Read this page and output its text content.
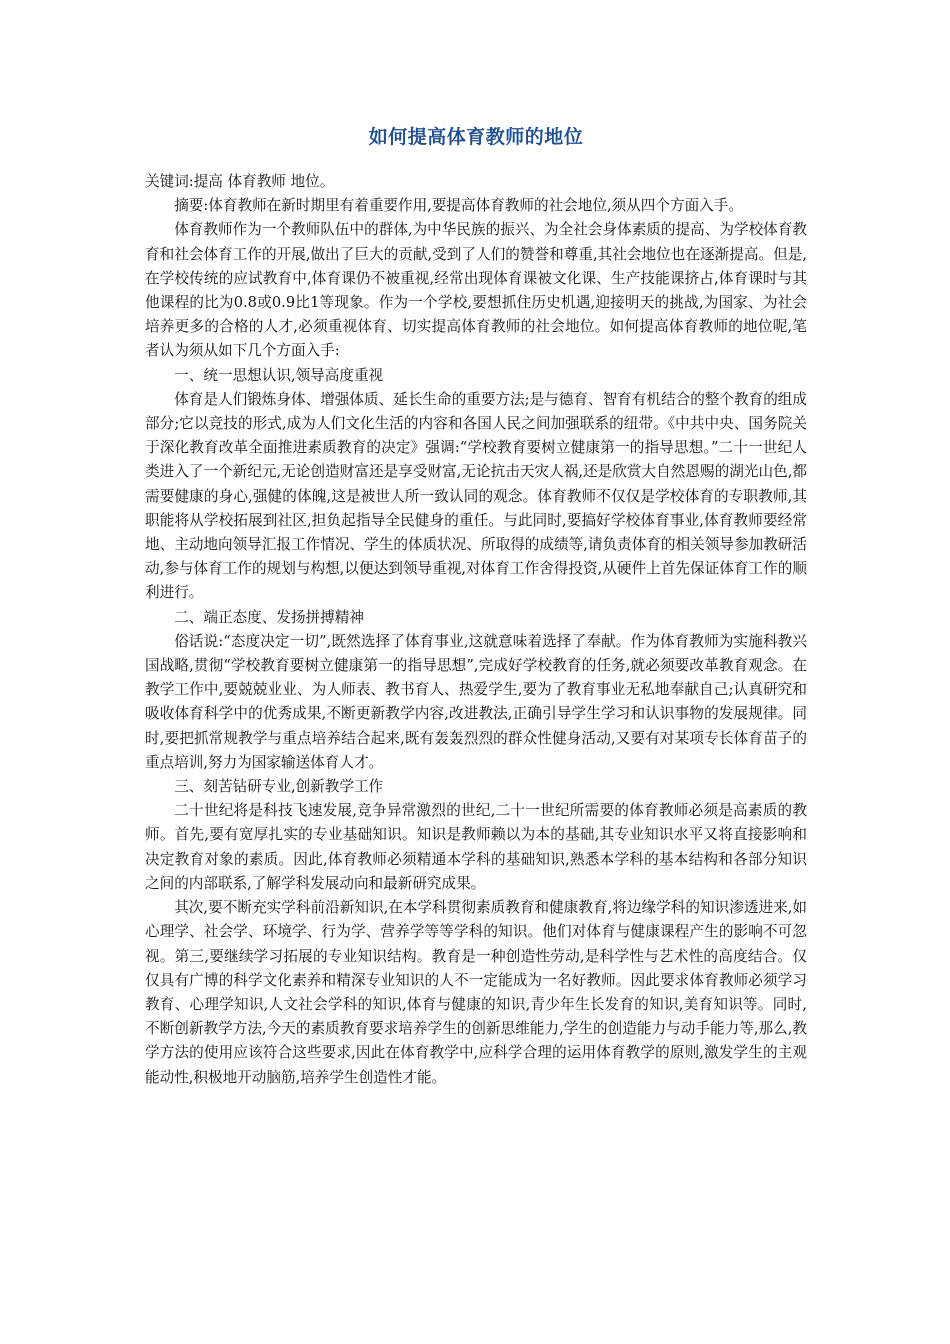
如何提高体育教师的地位

关键词:提高 体育教师 地位。

摘要:体育教师在新时期里有着重要作用,要提高体育教师的社会地位,须从四个方面入手。

体育教师作为一个教师队伍中的群体,为中华民族的振兴、为全社会身体素质的提高、为学校体育教育和社会体育工作的开展,做出了巨大的贡献,受到了人们的赞誉和尊重,其社会地位也在逐渐提高。但是,在学校传统的应试教育中,体育课仍不被重视,经常出现体育课被文化课、生产技能课挤占,体育课时与其他课程的比为0.8或0.9比1等现象。作为一个学校,要想抓住历史机遇,迎接明天的挑战,为国家、为社会培养更多的合格的人才,必须重视体育、切实提高体育教师的社会地位。如何提高体育教师的地位呢,笔者认为须从如下几个方面入手:

一、统一思想认识,领导高度重视

体育是人们锻炼身体、增强体质、延长生命的重要方法;是与德育、智育有机结合的整个教育的组成部分;它以竞技的形式,成为人们文化生活的内容和各国人民之间加强联系的纽带。《中共中央、国务院关于深化教育改革全面推进素质教育的决定》强调:“学校教育要树立健康第一的指导思想。”二十一世纪人类进入了一个新纪元,无论创造财富还是享受财富,无论抗击天灾人祸,还是欣赏大自然恩赐的湖光山色,都需要健康的身心,强健的体魄,这是被世人所一致认同的观念。体育教师不仅仅是学校体育的专职教师,其职能将从学校拓展到社区,担负起指导全民健身的重任。与此同时,要搞好学校体育事业,体育教师要经常地、主动地向领导汇报工作情况、学生的体质状况、所取得的成绩等,请负责体育的相关领导参加教研活动,参与体育工作的规划与构想,以便达到领导重视,对体育工作舍得投资,从硬件上首先保证体育工作的顺利进行。

二、端正态度、发扬拼搏精神

俗话说:“态度决定一切”,既然选择了体育事业,这就意味着选择了奉献。作为体育教师为实施科教兴国战略,贯彻“学校教育要树立健康第一的指导思想”,完成好学校教育的任务,就必须要改革教育观念。在教学工作中,要兢兢业业、为人师表、教书育人、热爱学生,要为了教育事业无私地奉献自己;认真研究和吸收体育科学中的优秀成果,不断更新教学内容,改进教法,正确引导学生学习和认识事物的发展规律。同时,要把抓常规教学与重点培养结合起来,既有轰轰烈烈的群众性健身活动,又要有对某项专长体育苗子的重点培训,努力为国家输送体育人才。

三、刻苦钻研专业,创新教学工作

二十世纪将是科技飞速发展,竞争异常激烈的世纪,二十一世纪所需要的体育教师必须是高素质的教师。首先,要有宽厚扎实的专业基础知识。知识是教师赖以为本的基础,其专业知识水平又将直接影响和决定教育对象的素质。因此,体育教师必须精通本学科的基础知识,熟悉本学科的基本结构和各部分知识之间的内部联系,了解学科发展动向和最新研究成果。

其次,要不断充实学科前沿新知识,在本学科贯彻素质教育和健康教育,将边缘学科的知识渗透进来,如心理学、社会学、环境学、行为学、营养学等等学科的知识。他们对体育与健康课程产生的影响不可忽视。第三,要继续学习拓展的专业知识结构。教育是一种创造性劳动,是科学性与艺术性的高度结合。仅仅具有广博的科学文化素养和精深专业知识的人不一定能成为一名好教师。因此要求体育教师必须学习教育、心理学知识,人文社会学科的知识,体育与健康的知识,青少年生长发育的知识,美育知识等。同时,不断创新教学方法,今天的素质教育要求培养学生的创新思维能力,学生的创造能力与动手能力等,那么,教学方法的使用应该符合这些要求,因此在体育教学中,应科学合理的运用体育教学的原则,激发学生的主观能动性,积极地开动脑筋,培养学生创造性才能。
